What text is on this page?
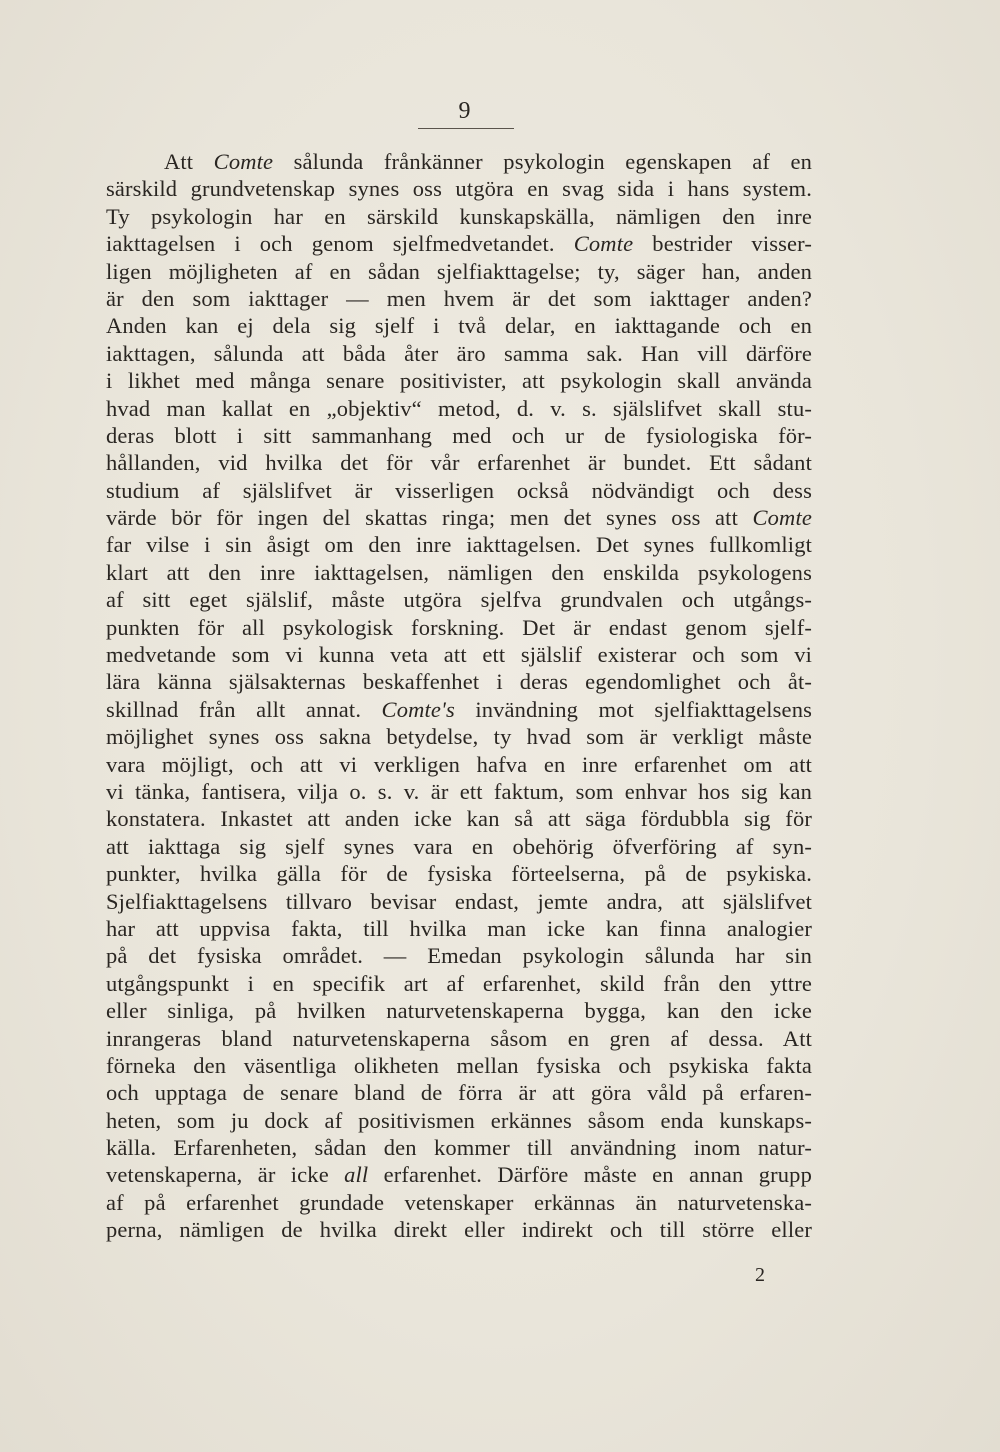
9
Att Comte sålunda frånkänner psykologin egenskapen af en
särskild grundvetenskap synes oss utgöra en svag sida i hans system.
Ty psykologin har en särskild kunskapskälla, nämligen den inre
iakttagelsen i och genom sjelfmedvetandet. Comte bestrider visser-
ligen möjligheten af en sådan sjelfiakttagelse; ty, säger han, anden
är den som iakttager — men hvem är det som iakttager anden?
Anden kan ej dela sig sjelf i två delar, en iakttagande och en
iakttagen, sålunda att båda åter äro samma sak. Han vill därföre
i likhet med många senare positivister, att psykologin skall använda
hvad man kallat en „objektiv“ metod, d. v. s. själslifvet skall stu-
deras blott i sitt sammanhang med och ur de fysiologiska för-
hållanden, vid hvilka det för vår erfarenhet är bundet. Ett sådant
studium af själslifvet är visserligen också nödvändigt och dess
värde bör för ingen del skattas ringa; men det synes oss att Comte
far vilse i sin åsigt om den inre iakttagelsen. Det synes fullkomligt
klart att den inre iakttagelsen, nämligen den enskilda psykologens
af sitt eget själslif, måste utgöra sjelfva grundvalen och utgångs-
punkten för all psykologisk forskning. Det är endast genom sjelf-
medvetande som vi kunna veta att ett själslif existerar och som vi
lära känna själsakternas beskaffenhet i deras egendomlighet och åt-
skillnad från allt annat. Comte's invändning mot sjelfiakttagelsens
möjlighet synes oss sakna betydelse, ty hvad som är verkligt måste
vara möjligt, och att vi verkligen hafva en inre erfarenhet om att
vi tänka, fantisera, vilja o. s. v. är ett faktum, som enhvar hos sig kan
konstatera. Inkastet att anden icke kan så att säga fördubbla sig för
att iakttaga sig sjelf synes vara en obehörig öfverföring af syn-
punkter, hvilka gälla för de fysiska förteelserna, på de psykiska.
Sjelfiakttagelsens tillvaro bevisar endast, jemte andra, att själslifvet
har att uppvisa fakta, till hvilka man icke kan finna analogier
på det fysiska området. — Emedan psykologin sålunda har sin
utgångspunkt i en specifik art af erfarenhet, skild från den yttre
eller sinliga, på hvilken naturvetenskaperna bygga, kan den icke
inrangeras bland naturvetenskaperna såsom en gren af dessa. Att
förneka den väsentliga olikheten mellan fysiska och psykiska fakta
och upptaga de senare bland de förra är att göra våld på erfaren-
heten, som ju dock af positivismen erkännes såsom enda kunskaps-
källa. Erfarenheten, sådan den kommer till användning inom natur-
vetenskaperna, är icke all erfarenhet. Därföre måste en annan grupp
af på erfarenhet grundade vetenskaper erkännas än naturvetenska-
perna, nämligen de hvilka direkt eller indirekt och till större eller
2
